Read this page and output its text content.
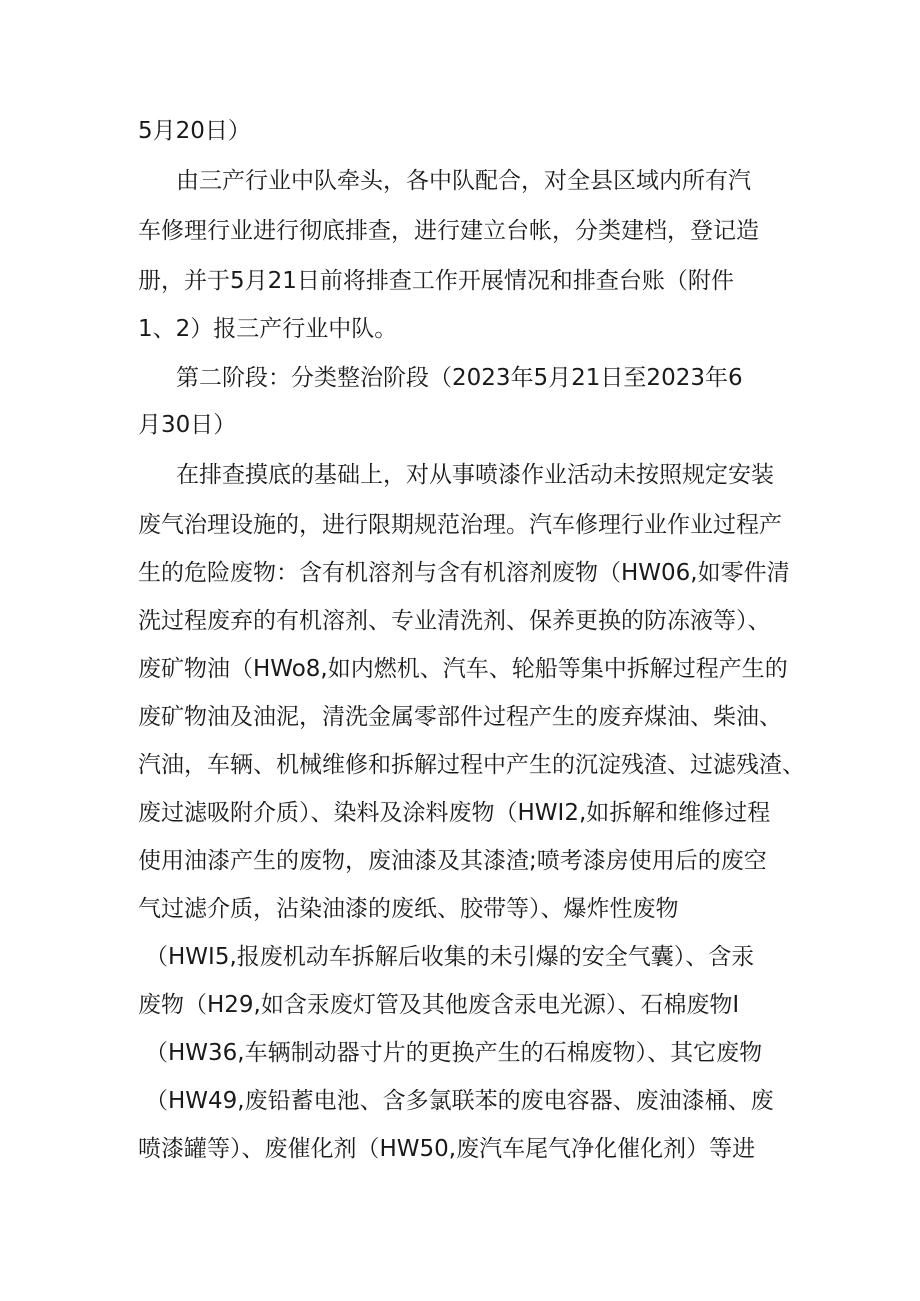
5月20日）
由三产行业中队牵头，各中队配合，对全县区域内所有汽
车修理行业进行彻底排查，进行建立台帐，分类建档，登记造
册，并于5月21日前将排查工作开展情况和排查台账（附件
1、2）报三产行业中队。
第二阶段：分类整治阶段（2023年5月21日至2023年6
月30日）
在排查摸底的基础上，对从事喷漆作业活动未按照规定安装
废气治理设施的，进行限期规范治理。汽车修理行业作业过程产
生的危险废物：含有机溶剂与含有机溶剂废物（HW06,如零件清
洗过程废弃的有机溶剂、专业清洗剂、保养更换的防冻液等）、
废矿物油（HWo8,如内燃机、汽车、轮船等集中拆解过程产生的
废矿物油及油泥，清洗金属零部件过程产生的废弃煤油、柴油、
汽油，车辆、机械维修和拆解过程中产生的沉淀残渣、过滤残渣、
废过滤吸附介质）、染料及涂料废物（HWI2,如拆解和维修过程
使用油漆产生的废物，废油漆及其漆渣;喷考漆房使用后的废空
气过滤介质，沾染油漆的废纸、胶带等）、爆炸性废物
（HWI5,报废机动车拆解后收集的未引爆的安全气囊）、含汞
废物（H29,如含汞废灯管及其他废含汞电光源）、石棉废物I
（HW36,车辆制动器寸片的更换产生的石棉废物）、其它废物
（HW49,废铅蓄电池、含多氯联苯的废电容器、废油漆桶、废
喷漆罐等）、废催化剂（HW50,废汽车尾气净化催化剂）等进
